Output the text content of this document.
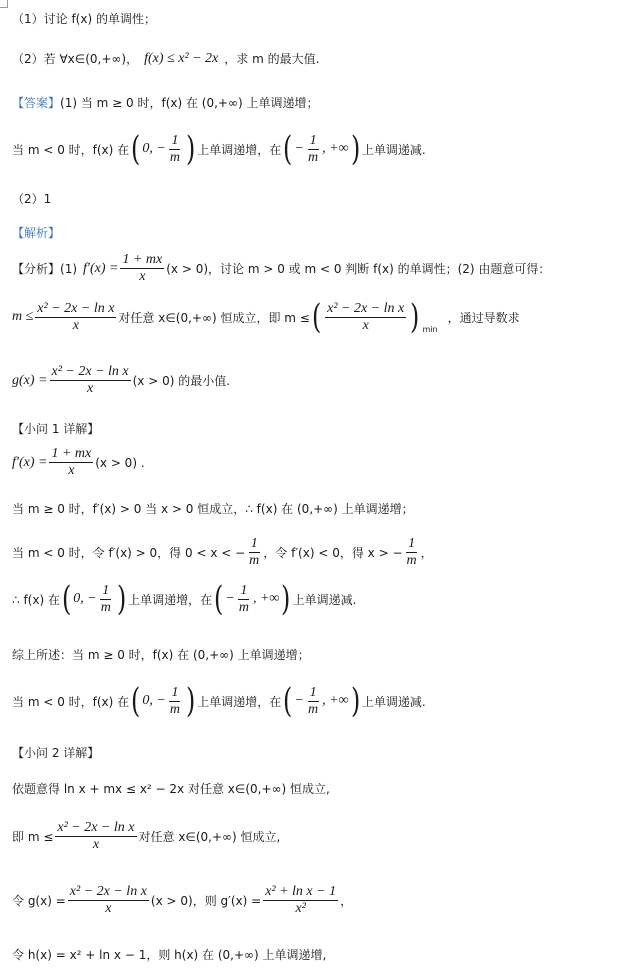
（1）讨论 f(x) 的单调性；
（2）若 ∀x∈(0,+∞)， f(x) ≤ x² − 2x ，求 m 的最大值.
【答案】 (1) 当 m ≥ 0 时，f(x) 在 (0,+∞) 上单调递增；
当 m < 0 时，f(x) 在 ( 0, − $\frac{1}{m}$ ) 上单调递增，在 ( − $\frac{1}{m}$ , +∞ ) 上单调递减.
（2）1
【解析】
【分析】 (1) $f'(x) = \frac{1 + mx}{x} (x > 0)$，讨论 m > 0 或 m < 0 判断 f(x) 的单调性；(2) 由题意可得：
$m \le \frac{\text{x² − 2x − ln x}}{x}$ 对任意 x∈(0,+∞) 恒成立，即 m ≤ ( $\frac{\text{x² − 2x − ln x}}{x}$ ) min
，通过导数求
$g(x) = \frac{\text{x² − 2x − ln x}}{x} (x > 0)$ 的最小值.
【小问 1 详解】
$f'(x) = \frac{1 + mx}{x} (x > 0)$ .
当 m ≥ 0 时，f′(x) > 0 当 x > 0 恒成立，∴ f(x) 在 (0,+∞) 上单调递增；
当 m < 0 时，令 f′(x) > 0，得 0 < x < − $\frac{1}{m}$ ，令 f′(x) < 0，得 x > − $\frac{1}{m}$ ，
∴ f(x) 在 ( 0, − $\frac{1}{m}$ ) 上单调递增，在 ( − $\frac{1}{m}$ , +∞ ) 上单调递减.
综上所述：当 m ≥ 0 时，f(x) 在 (0,+∞) 上单调递增；
当 m < 0 时，f(x) 在 ( 0, − $\frac{1}{m}$ ) 上单调递增，在 ( − $\frac{1}{m}$ , +∞ ) 上单调递减.
【小问 2 详解】
依题意得 ln x + mx ≤ x² − 2x 对任意 x∈(0,+∞) 恒成立,
即 $m \le \frac{\text{x² − 2x − ln x}}{x}$ 对任意 x∈(0,+∞) 恒成立,
令 $g(x) = \frac{\text{x² − 2x − ln x}}{x} (x > 0)$，则 $g'(x) = \frac{\text{x² + ln x − 1}}{\text{x²}}$ ，
令 h(x) = x² + ln x − 1，则 h(x) 在 (0,+∞) 上单调递增,
